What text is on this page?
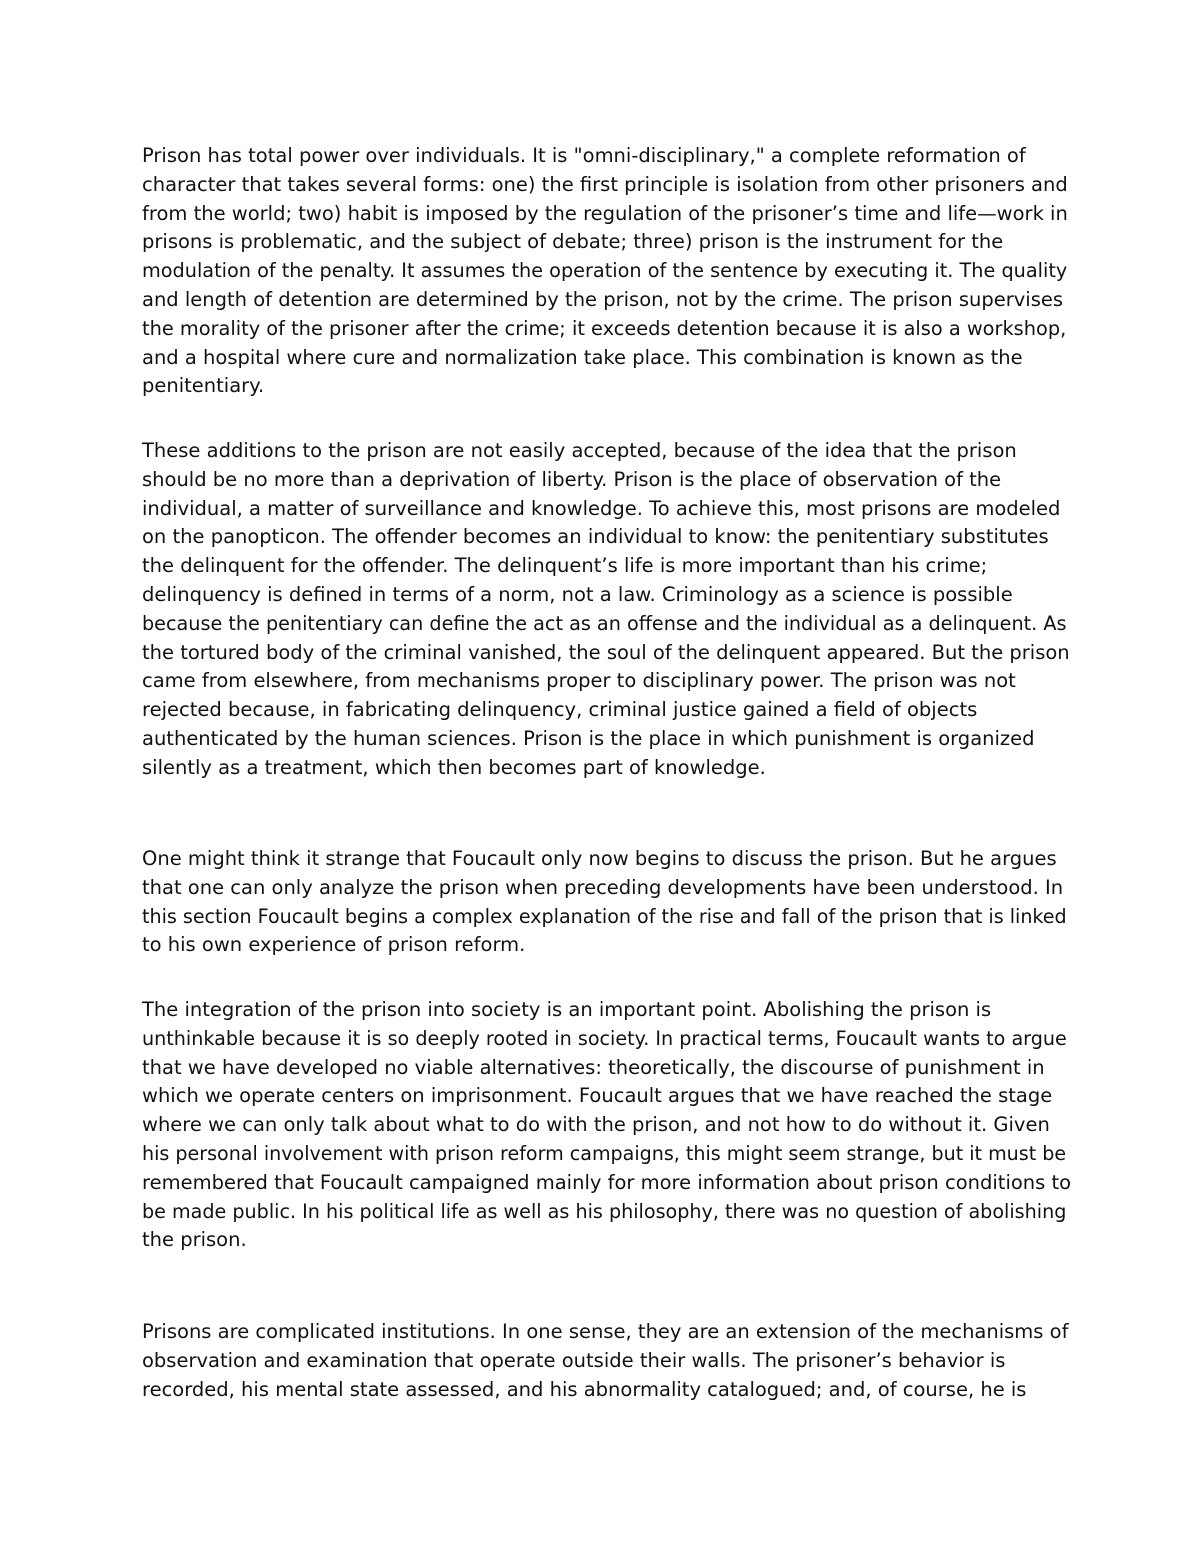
Prison has total power over individuals. It is "omni-disciplinary," a complete reformation of
character that takes several forms: one) the first principle is isolation from other prisoners and
from the world; two) habit is imposed by the regulation of the prisoner’s time and life—work in
prisons is problematic, and the subject of debate; three) prison is the instrument for the
modulation of the penalty. It assumes the operation of the sentence by executing it. The quality
and length of detention are determined by the prison, not by the crime. The prison supervises
the morality of the prisoner after the crime; it exceeds detention because it is also a workshop,
and a hospital where cure and normalization take place. This combination is known as the
penitentiary.

These additions to the prison are not easily accepted, because of the idea that the prison
should be no more than a deprivation of liberty. Prison is the place of observation of the
individual, a matter of surveillance and knowledge. To achieve this, most prisons are modeled
on the panopticon. The offender becomes an individual to know: the penitentiary substitutes
the delinquent for the offender. The delinquent’s life is more important than his crime;
delinquency is defined in terms of a norm, not a law. Criminology as a science is possible
because the penitentiary can define the act as an offense and the individual as a delinquent. As
the tortured body of the criminal vanished, the soul of the delinquent appeared. But the prison
came from elsewhere, from mechanisms proper to disciplinary power. The prison was not
rejected because, in fabricating delinquency, criminal justice gained a field of objects
authenticated by the human sciences. Prison is the place in which punishment is organized
silently as a treatment, which then becomes part of knowledge.

One might think it strange that Foucault only now begins to discuss the prison. But he argues
that one can only analyze the prison when preceding developments have been understood. In
this section Foucault begins a complex explanation of the rise and fall of the prison that is linked
to his own experience of prison reform.

The integration of the prison into society is an important point. Abolishing the prison is
unthinkable because it is so deeply rooted in society. In practical terms, Foucault wants to argue
that we have developed no viable alternatives: theoretically, the discourse of punishment in
which we operate centers on imprisonment. Foucault argues that we have reached the stage
where we can only talk about what to do with the prison, and not how to do without it. Given
his personal involvement with prison reform campaigns, this might seem strange, but it must be
remembered that Foucault campaigned mainly for more information about prison conditions to
be made public. In his political life as well as his philosophy, there was no question of abolishing
the prison.

Prisons are complicated institutions. In one sense, they are an extension of the mechanisms of
observation and examination that operate outside their walls. The prisoner’s behavior is
recorded, his mental state assessed, and his abnormality catalogued; and, of course, he is
